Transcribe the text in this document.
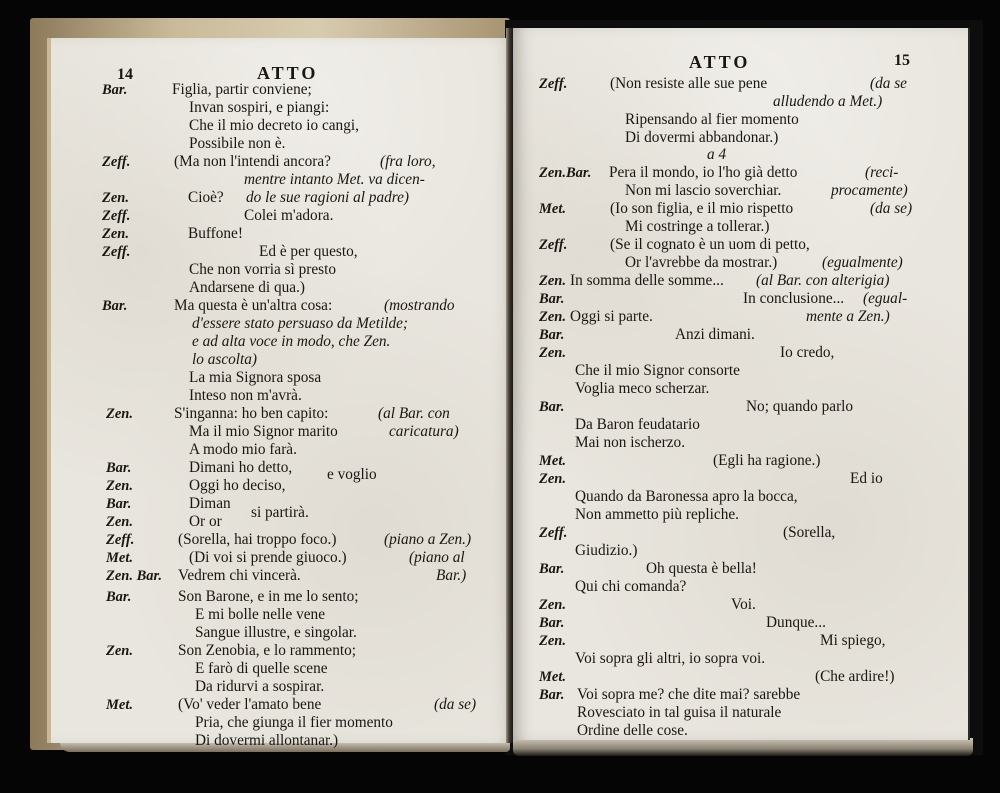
14	ATTO
Bar.	Figlia, partir conviene;
Invan sospiri, e piangi:
Che il mio decreto io cangi,
Possibile non è.
Zeff.	(Ma non l'intendi ancora?	(fra loro,
mentre intanto Met. va dicen-
Zen.	Cioè? do le sue ragioni al padre)
Zeff.	Colei m'adora.
Zen.	Buffone!
Zeff.	Ed è per questo,
Che non vorria sì presto
Andarsene di qua.)
Bar.	Ma questa è un'altra cosa:	(mostrando
d'essere stato persuaso da Metilde;
e ad alta voce in modo, che Zen.
lo ascolta)
La mia Signora sposa
Inteso non m'avrà.
Zen.	S'inganna: ho ben capito:	(al Bar. con
Ma il mio Signor marito	caricatura)
A modo mio farà.
Bar.	Dimani ho detto, e voglio
Zen.	Oggi ho deciso,
Bar.	Diman
si partirà.
Zen.	Or or
Zeff.	(Sorella, hai troppo foco.)	(piano a Zen.)
Met.	(Di voi si prende giuoco.)	(piano al
Zen. Bar. Vedrem chi vincerà.	Bar.)
Bar.	Son Barone, e in me lo sento;
E mi bolle nelle vene
Sangue illustre, e singolar.
Zen.	Son Zenobia, e lo rammento;
E farò di quelle scene
Da ridurvi a sospirar.
Met.	(Vo' veder l'amato bene	(da se)
Pria, che giunga il fier momento
Di dovermi allontanar.)
ATTO	15
Zeff.	(Non resiste alle sue pene	(da se
alludendo a Met.)
Ripensando al fier momento
Di dovermi abbandonar.)
a 4
Zen.Bar. Pera il mondo, io l'ho già detto	(reci-
Non mi lascio soverchiar.	procamente)
Met.	(Io son figlia, e il mio rispetto	(da se)
Mi costringe a tollerar.)
Zeff.	(Se il cognato è un uom di petto,
Or l'avrebbe da mostrar.)	(egualmente)
Zen. In somma delle somme... (al Bar. con alterigia)
Bar.	In conclusione... (egual-
Zen. Oggi si parte.	mente a Zen.)
Bar.	Anzi dimani.
Zen.	Io credo,
Che il mio Signor consorte
Voglia meco scherzar.
Bar.	No; quando parlo
Da Baron feudatario
Mai non ischerzo.
Met.	(Egli ha ragione.)
Zen.	Ed io
Quando da Baronessa apro la bocca,
Non ammetto più repliche.
Zeff.	(Sorella,
Giudizio.)
Bar.	Oh questa è bella!
Qui chi comanda?
Zen.	Voi.
Bar.	Dunque...
Zen.	Mi spiego,
Voi sopra gli altri, io sopra voi.
Met.	(Che ardire!)
Bar. Voi sopra me? che dite mai? sarebbe
Rovesciato in tal guisa il naturale
Ordine delle cose.
